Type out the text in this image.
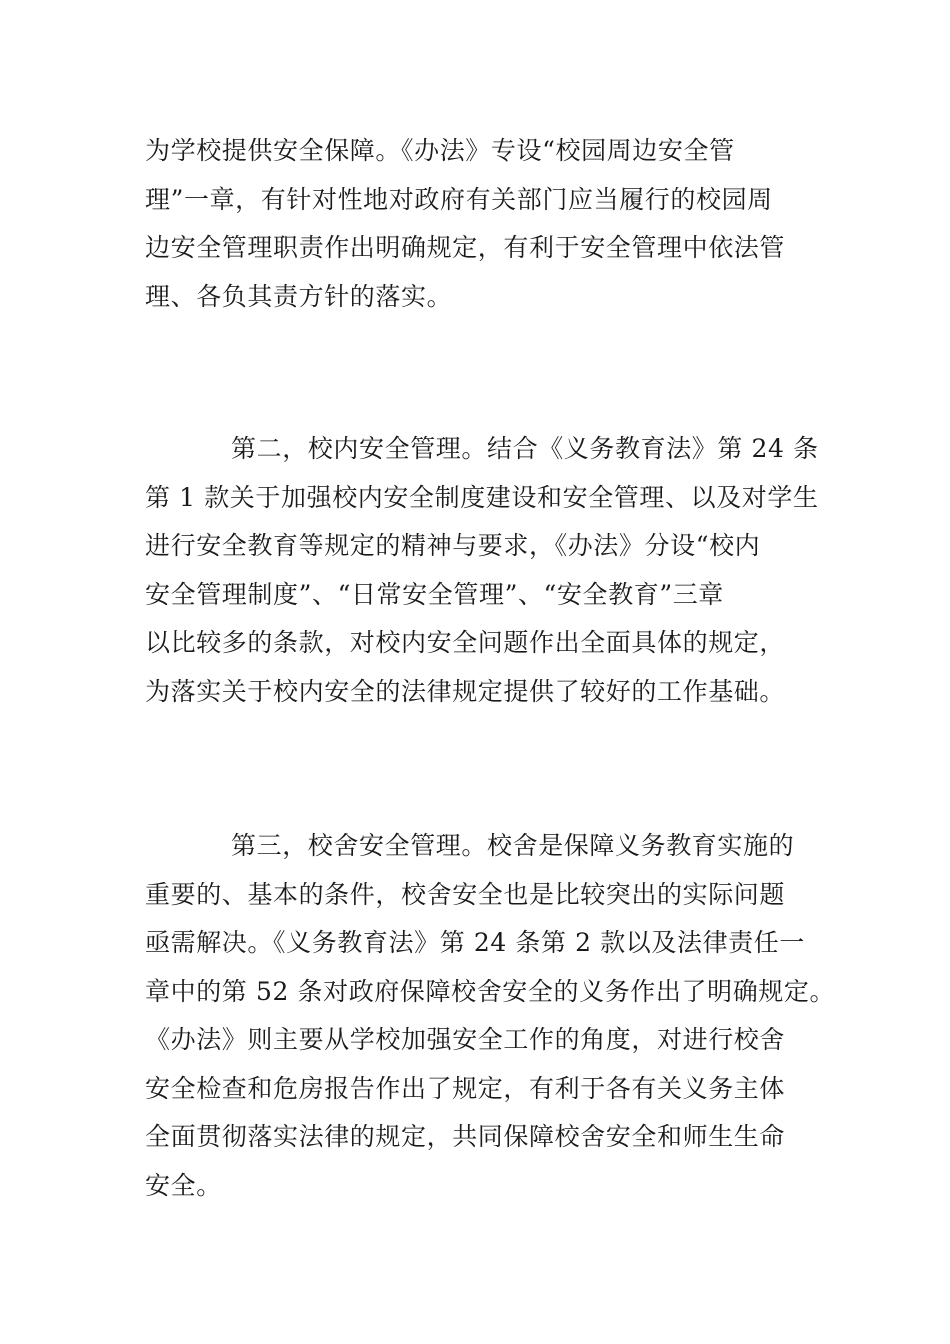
为学校提供安全保障。《办法》专设“校园周边安全管
理”一章，有针对性地对政府有关部门应当履行的校园周
边安全管理职责作出明确规定，有利于安全管理中依法管
理、各负其责方针的落实。

第二，校内安全管理。结合《义务教育法》第 24 条
第 1 款关于加强校内安全制度建设和安全管理、以及对学生
进行安全教育等规定的精神与要求，《办法》分设“校内
安全管理制度”、“日常安全管理”、“安全教育”三章
以比较多的条款，对校内安全问题作出全面具体的规定，
为落实关于校内安全的法律规定提供了较好的工作基础。

第三，校舍安全管理。校舍是保障义务教育实施的
重要的、基本的条件，校舍安全也是比较突出的实际问题
亟需解决。《义务教育法》第 24 条第 2 款以及法律责任一
章中的第 52 条对政府保障校舍安全的义务作出了明确规定。
《办法》则主要从学校加强安全工作的角度，对进行校舍
安全检查和危房报告作出了规定，有利于各有关义务主体
全面贯彻落实法律的规定，共同保障校舍安全和师生生命
安全。
